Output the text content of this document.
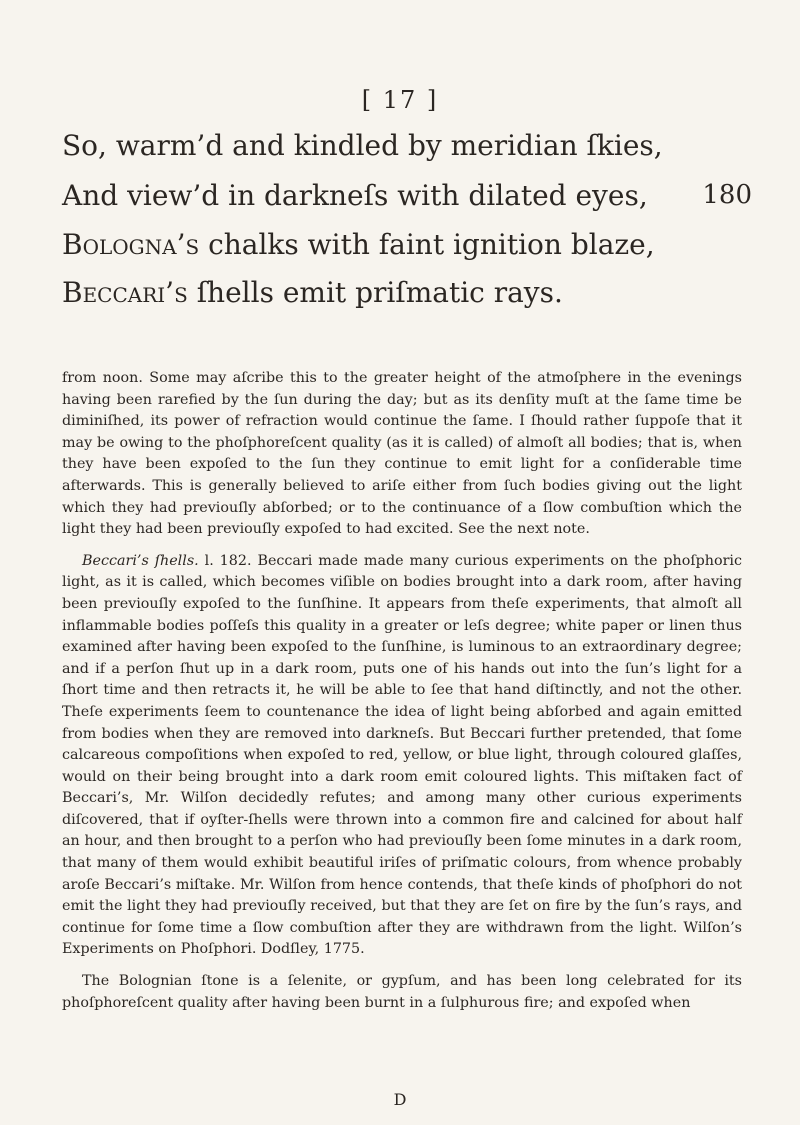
[ 17 ]
So, warm’d and kindled by meridian ſkies,
And view’d in darkneſs with dilated eyes, 180
Bologna’s chalks with faint ignition blaze,
Beccari’s ſhells emit priſmatic rays.

from noon. Some may aſcribe this to the greater height of the atmoſphere in the evenings having been rarefied by the ſun during the day; but as its denſity muſt at the ſame time be diminiſhed, its power of refraction would continue the ſame. I ſhould rather ſuppoſe that it may be owing to the phoſphoreſcent quality (as it is called) of almoſt all bodies; that is, when they have been expoſed to the ſun they continue to emit light for a conſiderable time afterwards. This is generally believed to ariſe either from ſuch bodies giving out the light which they had previouſly abſorbed; or to the continuance of a ſlow combuſtion which the light they had been previouſly expoſed to had excited. See the next note.

Beccari’s ſhells. l. 182. Beccari made made many curious experiments on the phoſphoric light, as it is called, which becomes viſible on bodies brought into a dark room, after having been previouſly expoſed to the ſunſhine. It appears from theſe experiments, that almoſt all inflammable bodies poſſeſs this quality in a greater or leſs degree; white paper or linen thus examined after having been expoſed to the ſunſhine, is luminous to an extraordinary degree; and if a perſon ſhut up in a dark room, puts one of his hands out into the ſun’s light for a ſhort time and then retracts it, he will be able to ſee that hand diſtinctly, and not the other. Theſe experiments ſeem to countenance the idea of light being abſorbed and again emitted from bodies when they are removed into darkneſs. But Beccari further pretended, that ſome calcareous compoſitions when expoſed to red, yellow, or blue light, through coloured glaſſes, would on their being brought into a dark room emit coloured lights. This miſtaken fact of Beccari’s, Mr. Wilſon decidedly refutes; and among many other curious experiments diſcovered, that if oyſter-ſhells were thrown into a common fire and calcined for about half an hour, and then brought to a perſon who had previouſly been ſome minutes in a dark room, that many of them would exhibit beautiful iriſes of priſmatic colours, from whence probably aroſe Beccari’s miſtake. Mr. Wilſon from hence contends, that theſe kinds of phoſphori do not emit the light they had previouſly received, but that they are ſet on fire by the ſun’s rays, and continue for ſome time a ſlow combuſtion after they are withdrawn from the light. Wilſon’s Experiments on Phoſphori. Dodſley, 1775.

The Bolognian ſtone is a ſelenite, or gypſum, and has been long celebrated for its phoſphoreſcent quality after having been burnt in a ſulphurous fire; and expoſed when

D
